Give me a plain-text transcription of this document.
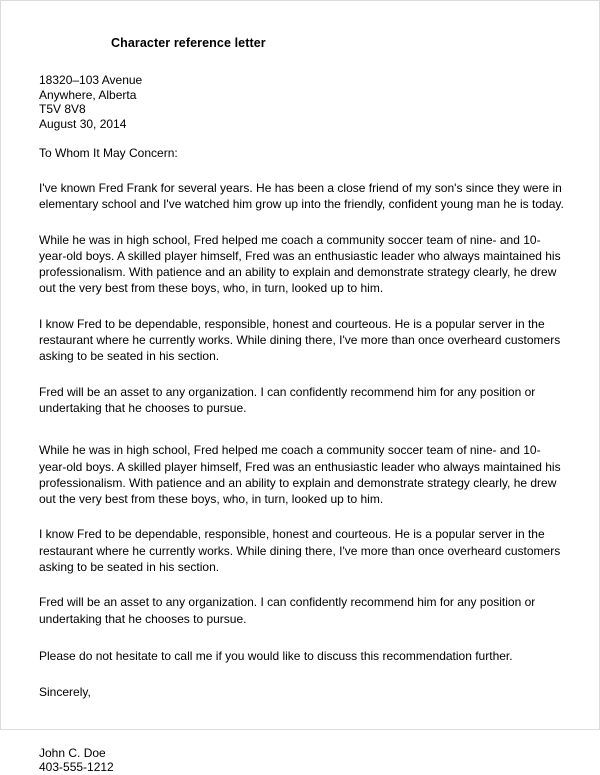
Character reference letter
18320–103 Avenue
Anywhere, Alberta
T5V 8V8
August 30, 2014

To Whom It May Concern:

I've known Fred Frank for several years. He has been a close friend of my son's since they were in elementary school and I've watched him grow up into the friendly, confident young man he is today.

While he was in high school, Fred helped me coach a community soccer team of nine- and 10-year-old boys. A skilled player himself, Fred was an enthusiastic leader who always maintained his professionalism. With patience and an ability to explain and demonstrate strategy clearly, he drew out the very best from these boys, who, in turn, looked up to him.

I know Fred to be dependable, responsible, honest and courteous. He is a popular server in the restaurant where he currently works. While dining there, I've more than once overheard customers asking to be seated in his section.

Fred will be an asset to any organization. I can confidently recommend him for any position or undertaking that he chooses to pursue.

While he was in high school, Fred helped me coach a community soccer team of nine- and 10-year-old boys. A skilled player himself, Fred was an enthusiastic leader who always maintained his professionalism. With patience and an ability to explain and demonstrate strategy clearly, he drew out the very best from these boys, who, in turn, looked up to him.

I know Fred to be dependable, responsible, honest and courteous. He is a popular server in the restaurant where he currently works. While dining there, I've more than once overheard customers asking to be seated in his section.

Fred will be an asset to any organization. I can confidently recommend him for any position or undertaking that he chooses to pursue.

Please do not hesitate to call me if you would like to discuss this recommendation further.

Sincerely,

John C. Doe
403-555-1212
